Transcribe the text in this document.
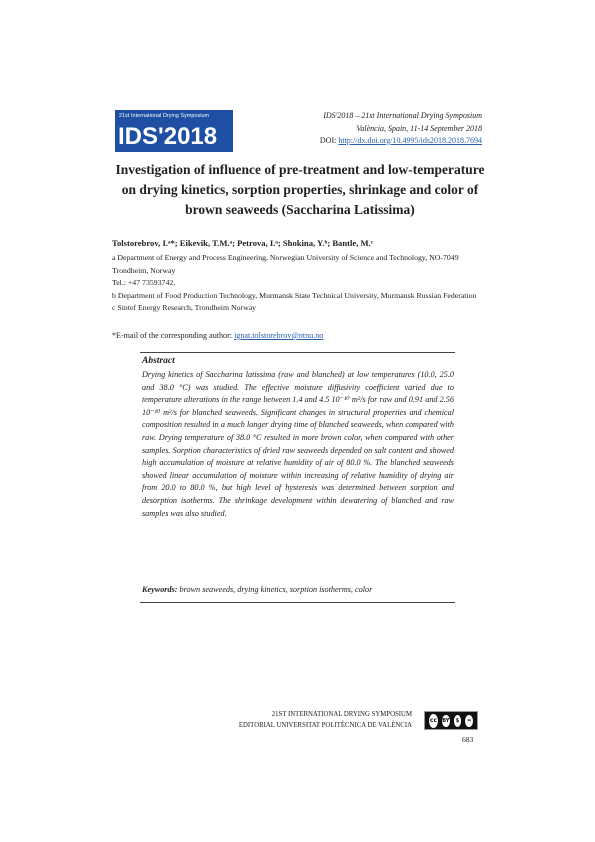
21st International Drying Symposium
IDS'2018
IDS'2018 – 21st International Drying Symposium
València, Spain, 11-14 September 2018
DOI: http://dx.doi.org/10.4995/ids2018.2018.7694
Investigation of influence of pre-treatment and low-temperature on drying kinetics, sorption properties, shrinkage and color of brown seaweeds (Saccharina Latissima)
Tolstorebrov, I.ᵃ*; Eikevik, T.M.ᵃ; Petrova, I.ᵃ; Shokina, Y.ᵇ; Bantle, M.ᶜ
a Department of Energy and Process Engineering, Norwegian University of Science and Technology, NO-7049 Trondheim, Norway
Tel.: +47 73593742,
b Department of Food Production Technology, Murmansk State Technical University, Murmansk Russian Federation
c Sintef Energy Research, Trondheim Norway
*E-mail of the corresponding author: ignat.tolstorebrov@ntnu.no
Abstract
Drying kinetics of Saccharina latissima (raw and blanched) at low temperatures (10.0, 25.0 and 38.0 °C) was studied. The effective moisture diffusivity coefficient varied due to temperature alterations in the range between 1.4 and 4.5 10⁻¹⁰ m²/s for raw and 0.91 and 2.56 10⁻¹⁰ m²/s for blanched seaweeds. Significant changes in structural properties and chemical composition resulted in a much longer drying time of blanched seaweeds, when compared with raw. Drying temperature of 38.0 °C resulted in more brown color, when compared with other samples. Sorption characteristics of dried raw seaweeds depended on salt content and showed high accumulation of moisture at relative humidity of air of 80.0 %. The blanched seaweeds showed linear accumulation of moisture within increasing of relative humidity of drying air from 20.0 to 80.0 %, but high level of hysteresis was determined between sorption and desorption isotherms. The shrinkage development within dewatering of blanched and raw samples was also studied.
Keywords: brown seaweeds, drying kinetics, sorption isotherms, color
21ST INTERNATIONAL DRYING SYMPOSIUM
EDITORIAL UNIVERSITAT POLITÈCNICA DE VALÈNCIA
cc	BY	$	=
683
